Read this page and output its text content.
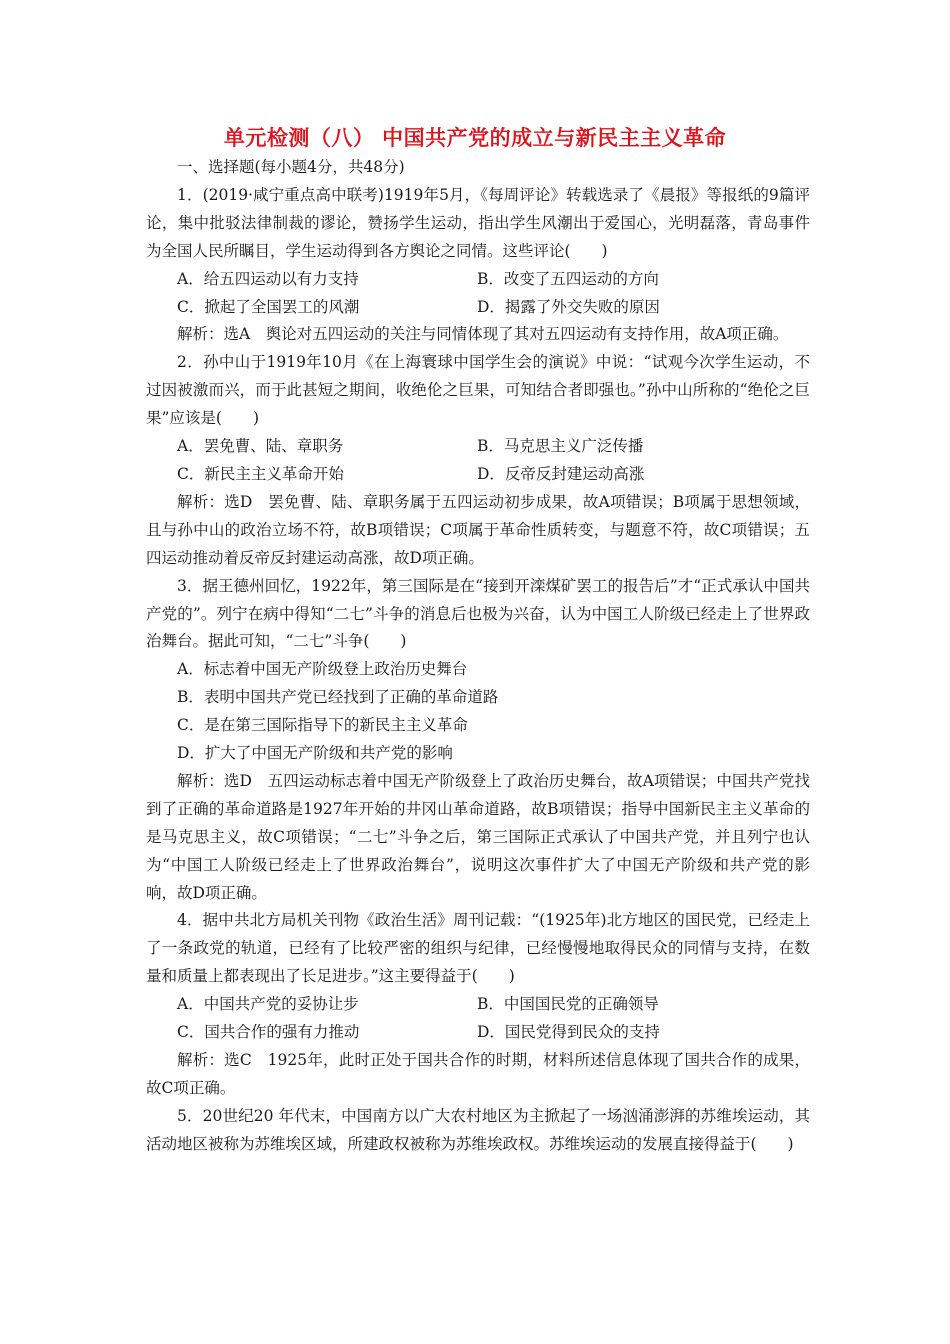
单元检测（八） 中国共产党的成立与新民主主义革命

一、选择题(每小题4分，共48分)

1．(2019·咸宁重点高中联考)1919年5月，《每周评论》转载选录了《晨报》等报纸的9篇评论，集中批驳法律制裁的谬论，赞扬学生运动，指出学生风潮出于爱国心，光明磊落，青岛事件为全国人民所瞩目，学生运动得到各方舆论之同情。这些评论(　　)

A．给五四运动以有力支持	B．改变了五四运动的方向
C．掀起了全国罢工的风潮	D．揭露了外交失败的原因

解析：选A　舆论对五四运动的关注与同情体现了其对五四运动有支持作用，故A项正确。

2．孙中山于1919年10月《在上海寰球中国学生会的演说》中说：“试观今次学生运动，不过因被激而兴，而于此甚短之期间，收绝伦之巨果，可知结合者即强也。”孙中山所称的“绝伦之巨果”应该是(　　)

A．罢免曹、陆、章职务	B．马克思主义广泛传播
C．新民主主义革命开始	D．反帝反封建运动高涨

解析：选D　罢免曹、陆、章职务属于五四运动初步成果，故A项错误；B项属于思想领域，且与孙中山的政治立场不符，故B项错误；C项属于革命性质转变，与题意不符，故C项错误；五四运动推动着反帝反封建运动高涨，故D项正确。

3．据王德州回忆，1922年，第三国际是在“接到开滦煤矿罢工的报告后”才“正式承认中国共产党的”。列宁在病中得知“二七”斗争的消息后也极为兴奋，认为中国工人阶级已经走上了世界政治舞台。据此可知，“二七”斗争(　　)

A．标志着中国无产阶级登上政治历史舞台
B．表明中国共产党已经找到了正确的革命道路
C．是在第三国际指导下的新民主主义革命
D．扩大了中国无产阶级和共产党的影响

解析：选D　五四运动标志着中国无产阶级登上了政治历史舞台，故A项错误；中国共产党找到了正确的革命道路是1927年开始的井冈山革命道路，故B项错误；指导中国新民主主义革命的是马克思主义，故C项错误；“二七”斗争之后，第三国际正式承认了中国共产党，并且列宁也认为“中国工人阶级已经走上了世界政治舞台”，说明这次事件扩大了中国无产阶级和共产党的影响，故D项正确。

4．据中共北方局机关刊物《政治生活》周刊记载：“(1925年)北方地区的国民党，已经走上了一条政党的轨道，已经有了比较严密的组织与纪律，已经慢慢地取得民众的同情与支持，在数量和质量上都表现出了长足进步。”这主要得益于(　　)

A．中国共产党的妥协让步	B．中国国民党的正确领导
C．国共合作的强有力推动	D．国民党得到民众的支持

解析：选C　1925年，此时正处于国共合作的时期，材料所述信息体现了国共合作的成果，故C项正确。

5．20世纪20 年代末，中国南方以广大农村地区为主掀起了一场汹涌澎湃的苏维埃运动，其活动地区被称为苏维埃区域，所建政权被称为苏维埃政权。苏维埃运动的发展直接得益于(　　)
